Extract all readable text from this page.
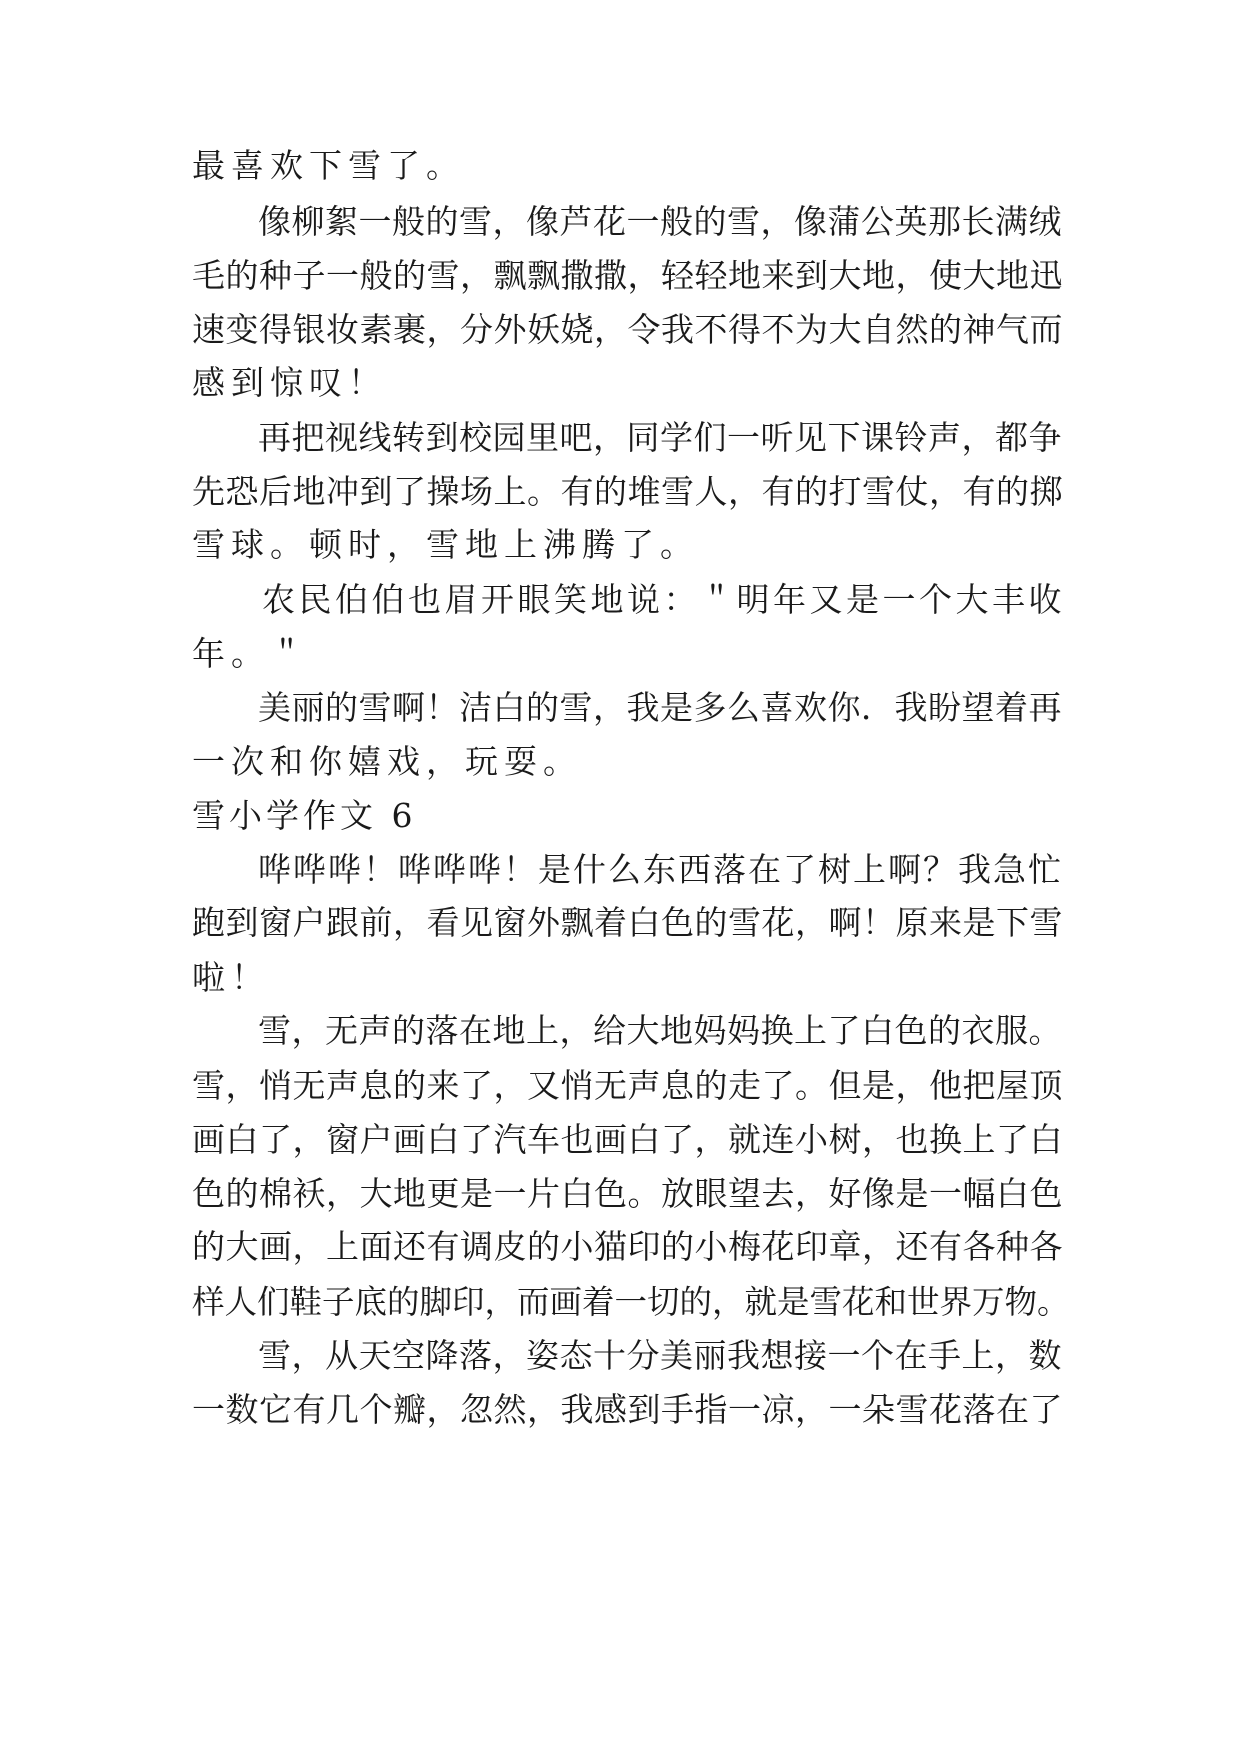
最喜欢下雪了。
像柳絮一般的雪，像芦花一般的雪，像蒲公英那长满绒
毛的种子一般的雪，飘飘撒撒，轻轻地来到大地，使大地迅
速变得银妆素裹，分外妖娆，令我不得不为大自然的神气而
感到惊叹！
再把视线转到校园里吧，同学们一听见下课铃声，都争
先恐后地冲到了操场上。有的堆雪人，有的打雪仗，有的掷
雪球。顿时，雪地上沸腾了。
农民伯伯也眉开眼笑地说：＂明年又是一个大丰收
年。＂
美丽的雪啊！洁白的雪，我是多么喜欢你．我盼望着再
一次和你嬉戏，玩耍。
雪小学作文 6
哗哗哗！哗哗哗！是什么东西落在了树上啊？我急忙
跑到窗户跟前，看见窗外飘着白色的雪花，啊！原来是下雪
啦！
雪，无声的落在地上，给大地妈妈换上了白色的衣服。
雪，悄无声息的来了，又悄无声息的走了。但是，他把屋顶
画白了，窗户画白了汽车也画白了，就连小树，也换上了白
色的棉袄，大地更是一片白色。放眼望去，好像是一幅白色
的大画，上面还有调皮的小猫印的小梅花印章，还有各种各
样人们鞋子底的脚印，而画着一切的，就是雪花和世界万物。
雪，从天空降落，姿态十分美丽我想接一个在手上，数
一数它有几个瓣，忽然，我感到手指一凉，一朵雪花落在了
